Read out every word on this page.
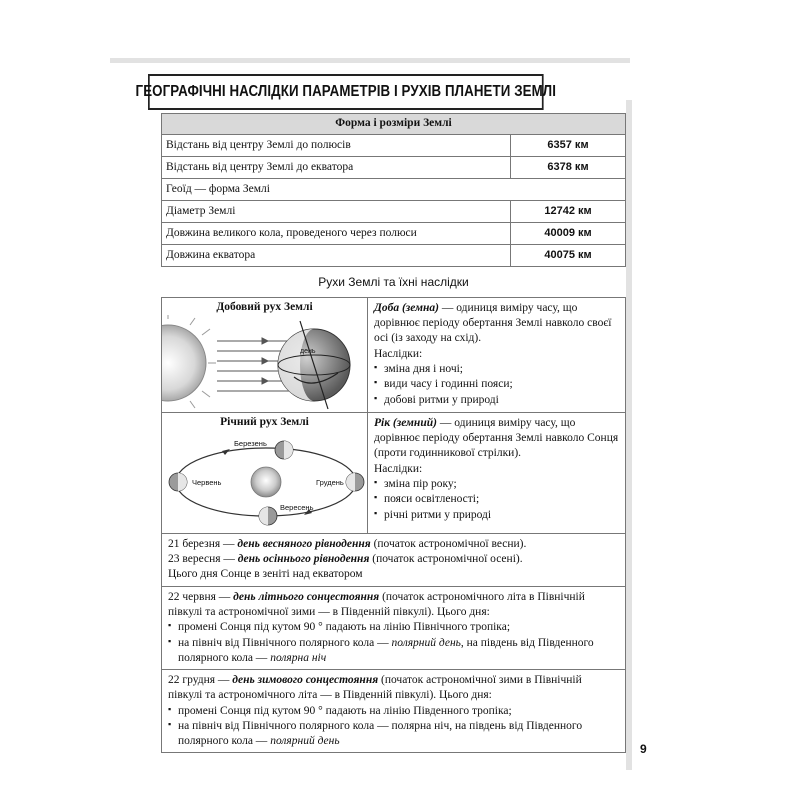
ГЕОГРАФІЧНІ НАСЛІДКИ ПАРАМЕТРІВ І РУХІВ ПЛАНЕТИ ЗЕМЛІ
Форма і розміри Землі	
Відстань від центру Землі до полюсів	6357 км
Відстань від центру Землі до екватора	6378 км
Геоїд — форма Землі	
Діаметр Землі	12742 км
Довжина великого кола, проведеного через полюси	40009 км
Довжина екватора	40075 км
Рухи Землі та їхні наслідки
Добовий рух Землі
день
Доба (земна) — одиниця виміру часу, що дорівнює періоду обертання Землі навколо своєї осі (із заходу на схід).
Наслідки:
▪ зміна дня і ночі;
▪ види часу і годинні пояси;
▪ добові ритми у природі
Річний рух Землі
Березень
Червень	Грудень
Вересень
Рік (земний) — одиниця виміру часу, що дорівнює періоду обертання Землі навколо Сонця (проти годинникової стрілки).
Наслідки:
▪ зміна пір року;
▪ пояси освітленості;
▪ річні ритми у природі
21 березня — день весняного рівнодення (початок астрономічної весни).
23 вересня — день осіннього рівнодення (початок астрономічної осені).
Цього дня Сонце в зеніті над екватором
22 червня — день літнього сонцестояння (початок астрономічного літа в Північній півкулі та астрономічної зими — в Південній півкулі). Цього дня:
▪ промені Сонця під кутом 90 ° падають на лінію Північного тропіка;
▪ на північ від Північного полярного кола — полярний день, на південь від Південного полярного кола — полярна ніч
22 грудня — день зимового сонцестояння (початок астрономічної зими в Північній півкулі та астрономічного літа — в Південній півкулі). Цього дня:
▪ промені Сонця під кутом 90 ° падають на лінію Південного тропіка;
▪ на північ від Північного полярного кола — полярна ніч, на південь від Південного полярного кола — полярний день
9
